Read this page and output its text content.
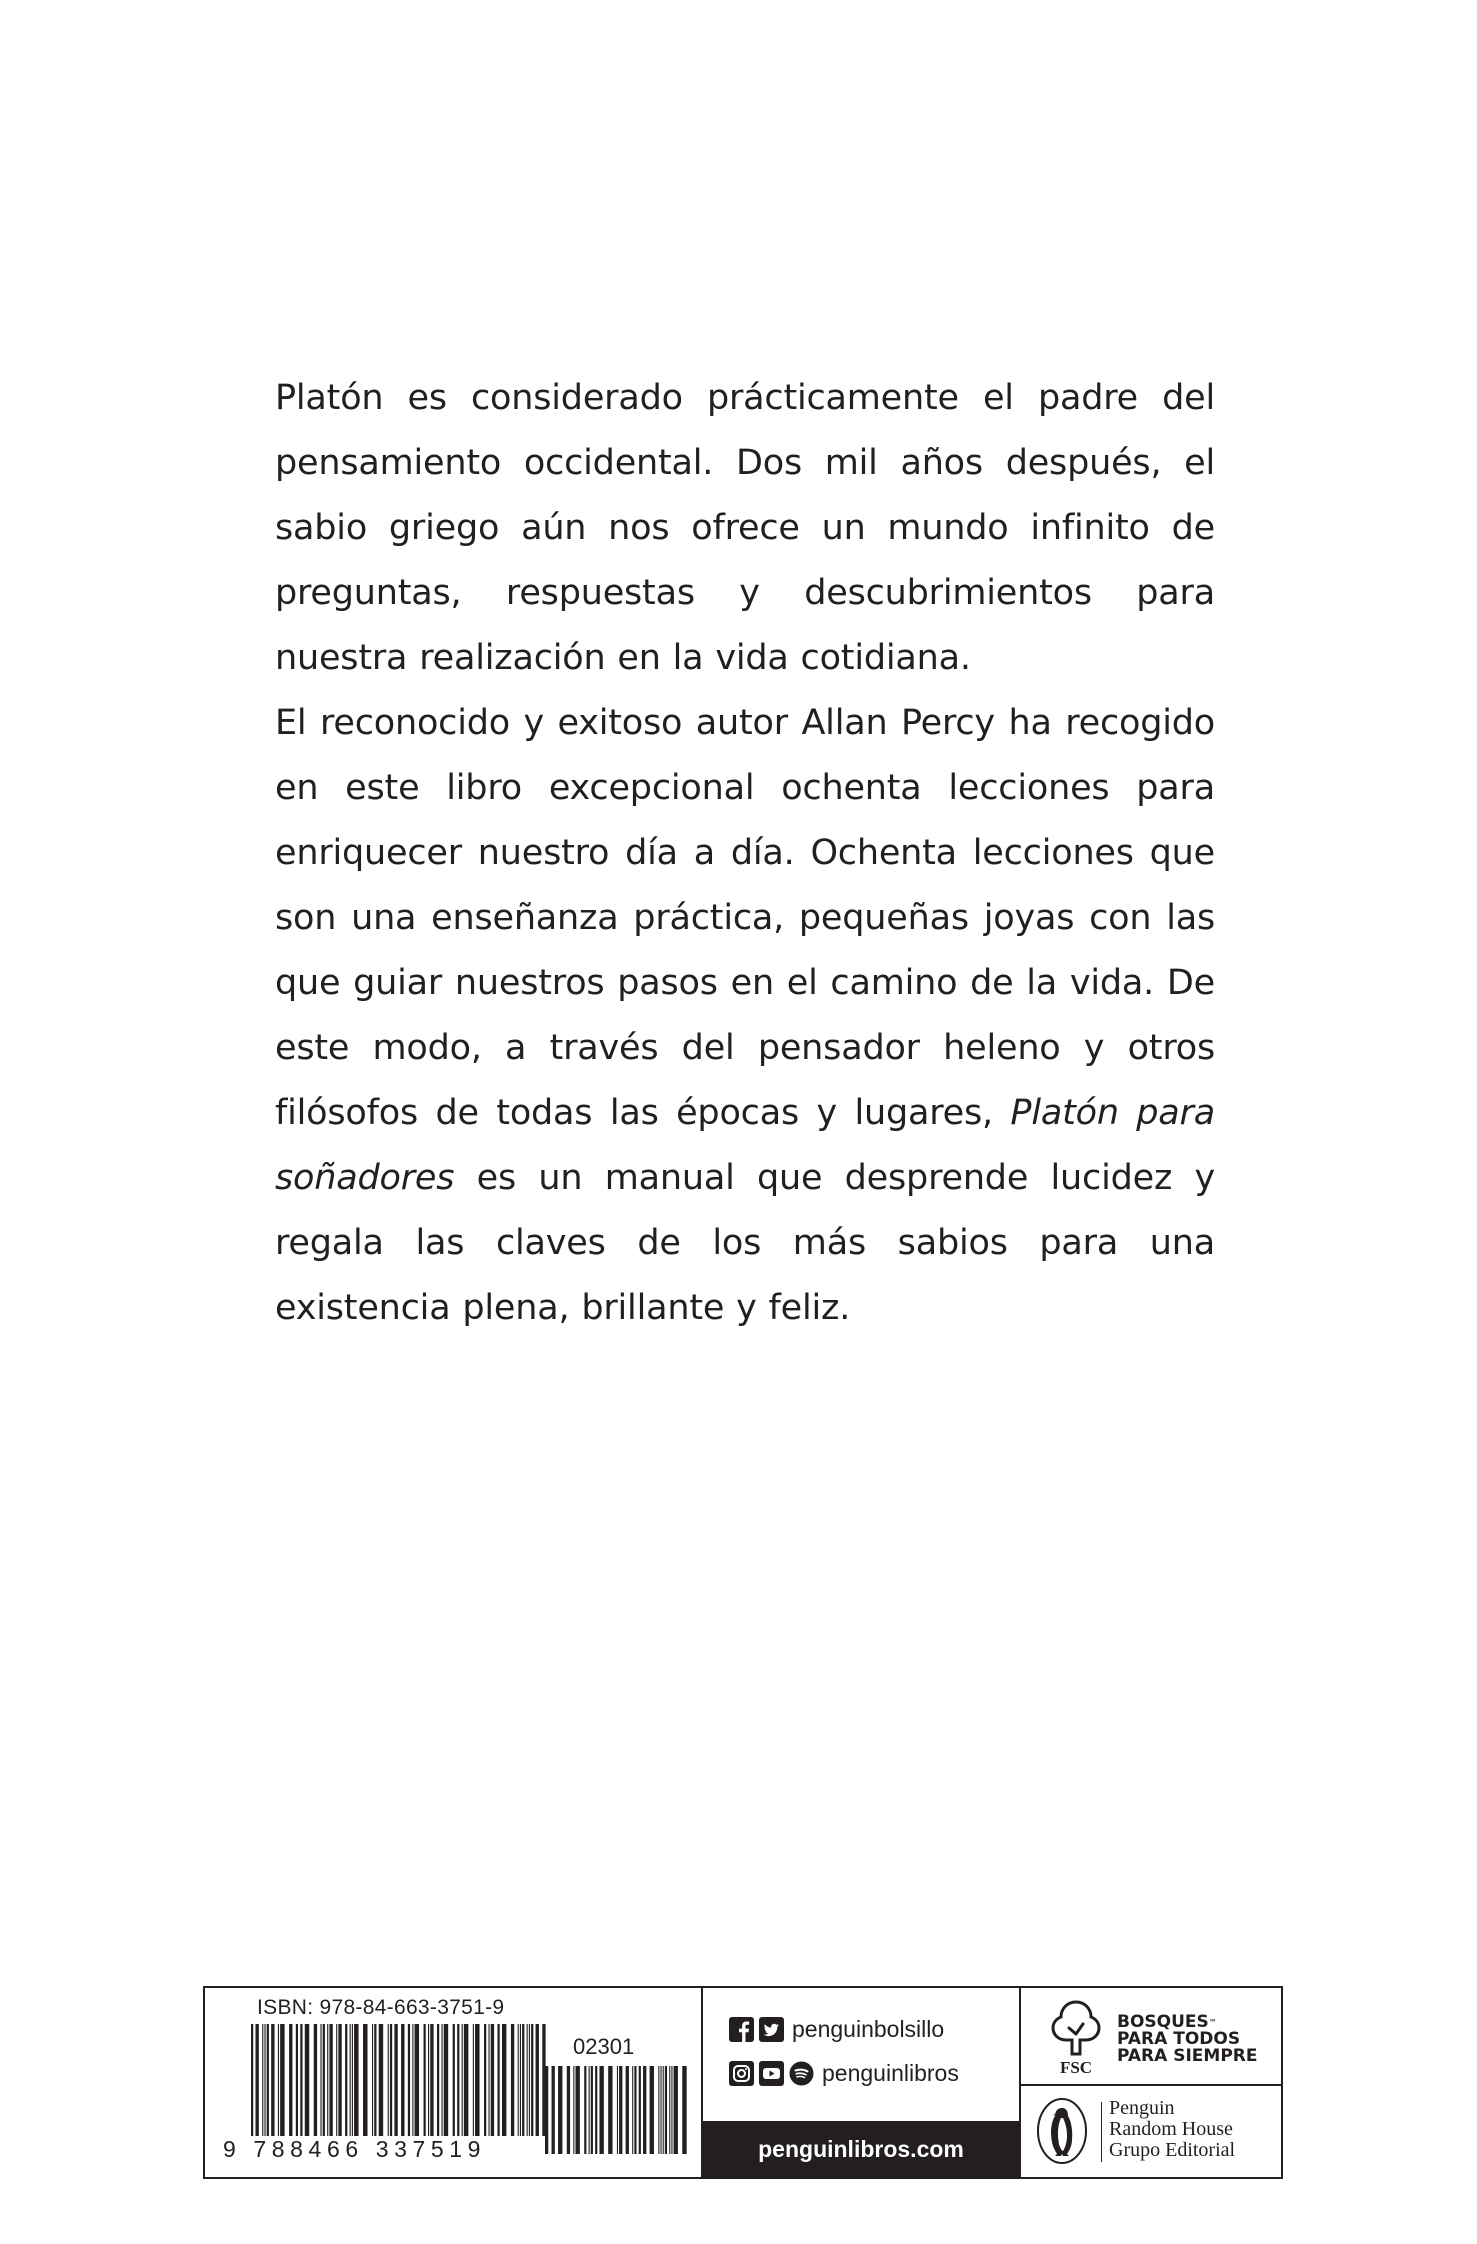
Platón es considerado prácticamente el padre del pensamiento occidental. Dos mil años después, el sabio griego aún nos ofrece un mundo infinito de preguntas, respuestas y descubrimientos para nuestra realización en la vida cotidiana.

El reconocido y exitoso autor Allan Percy ha recogido en este libro excepcional ochenta lecciones para enriquecer nuestro día a día. Ochenta lecciones que son una enseñanza práctica, pequeñas joyas con las que guiar nuestros pasos en el camino de la vida. De este modo, a través del pensador heleno y otros filósofos de todas las épocas y lugares, Platón para soñadores es un manual que desprende lucidez y regala las claves de los más sabios para una existencia plena, brillante y feliz.

ISBN: 978-84-663-3751-9
02301
9 788466 337519
penguinbolsillo
penguinlibros
penguinlibros.com
FSC
BOSQUES™
PARA TODOS
PARA SIEMPRE
Penguin
Random House
Grupo Editorial
